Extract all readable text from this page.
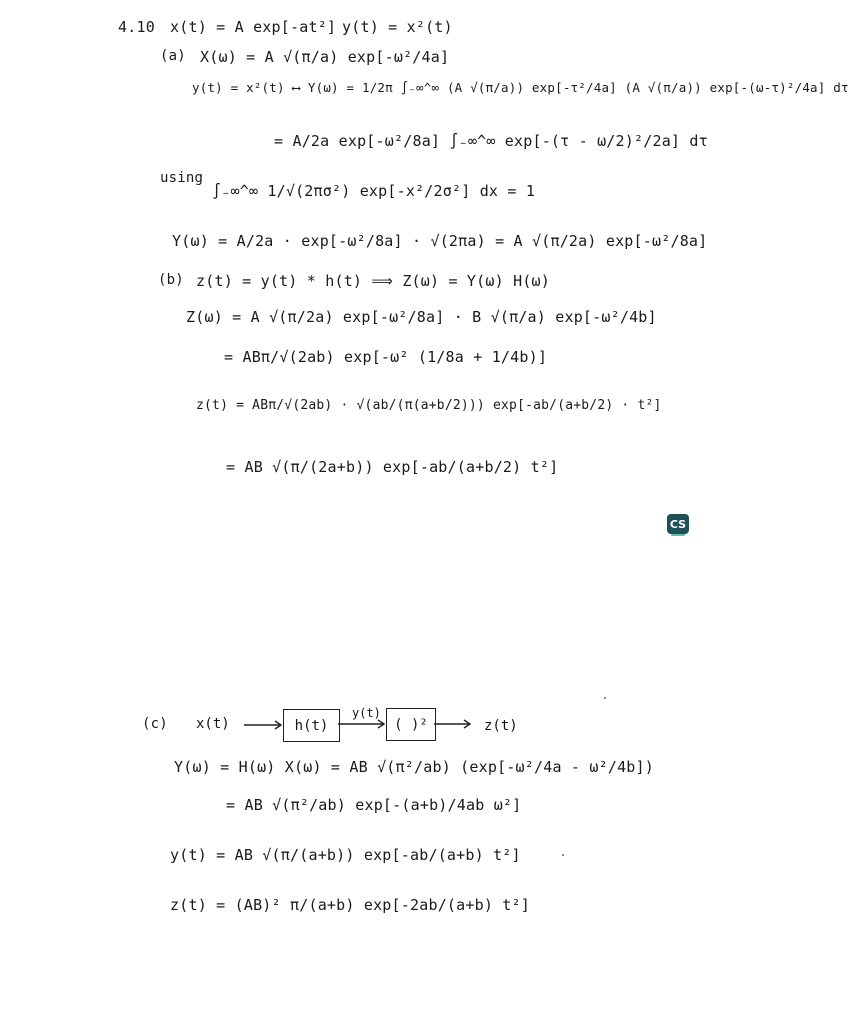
4.10 x(t) = A exp[-at²] y(t) = x²(t)
(a) X(ω) = A √(π/a) exp[-ω²/4a]
y(t) = x²(t) ⟷ Y(ω) = 1/2π ∫₋∞^∞ (A √(π/a)) exp[-τ²/4a] (A √(π/a)) exp[-(ω-τ)²/4a] dτ
= A/2a exp[-ω²/8a] ∫₋∞^∞ exp[-(τ - ω/2)²/2a] dτ
using
∫₋∞^∞ 1/√(2πσ²) exp[-x²/2σ²] dx = 1
Y(ω) = A/2a · exp[-ω²/8a] · √(2πa) = A √(π/2a) exp[-ω²/8a]
(b) z(t) = y(t) * h(t) ⟹ Z(ω) = Y(ω) H(ω)
Z(ω) = A √(π/2a) exp[-ω²/8a] · B √(π/a) exp[-ω²/4b]
= ABπ/√(2ab) exp[-ω² (1/8a + 1/4b)]
z(t) = ABπ/√(2ab) · √(ab/(π(a+b/2))) exp[-ab/(a+b/2) · t²]
= AB √(π/(2a+b)) exp[-ab/(a+b/2) t²]
CS
(c) x(t)	h(t)
y(t)
( )²	z(t)
Y(ω) = H(ω) X(ω) = AB √(π²/ab) (exp[-ω²/4a - ω²/4b])
= AB √(π²/ab) exp[-(a+b)/4ab ω²]
y(t) = AB √(π/(a+b)) exp[-ab/(a+b) t²]
z(t) = (AB)² π/(a+b) exp[-2ab/(a+b) t²]
